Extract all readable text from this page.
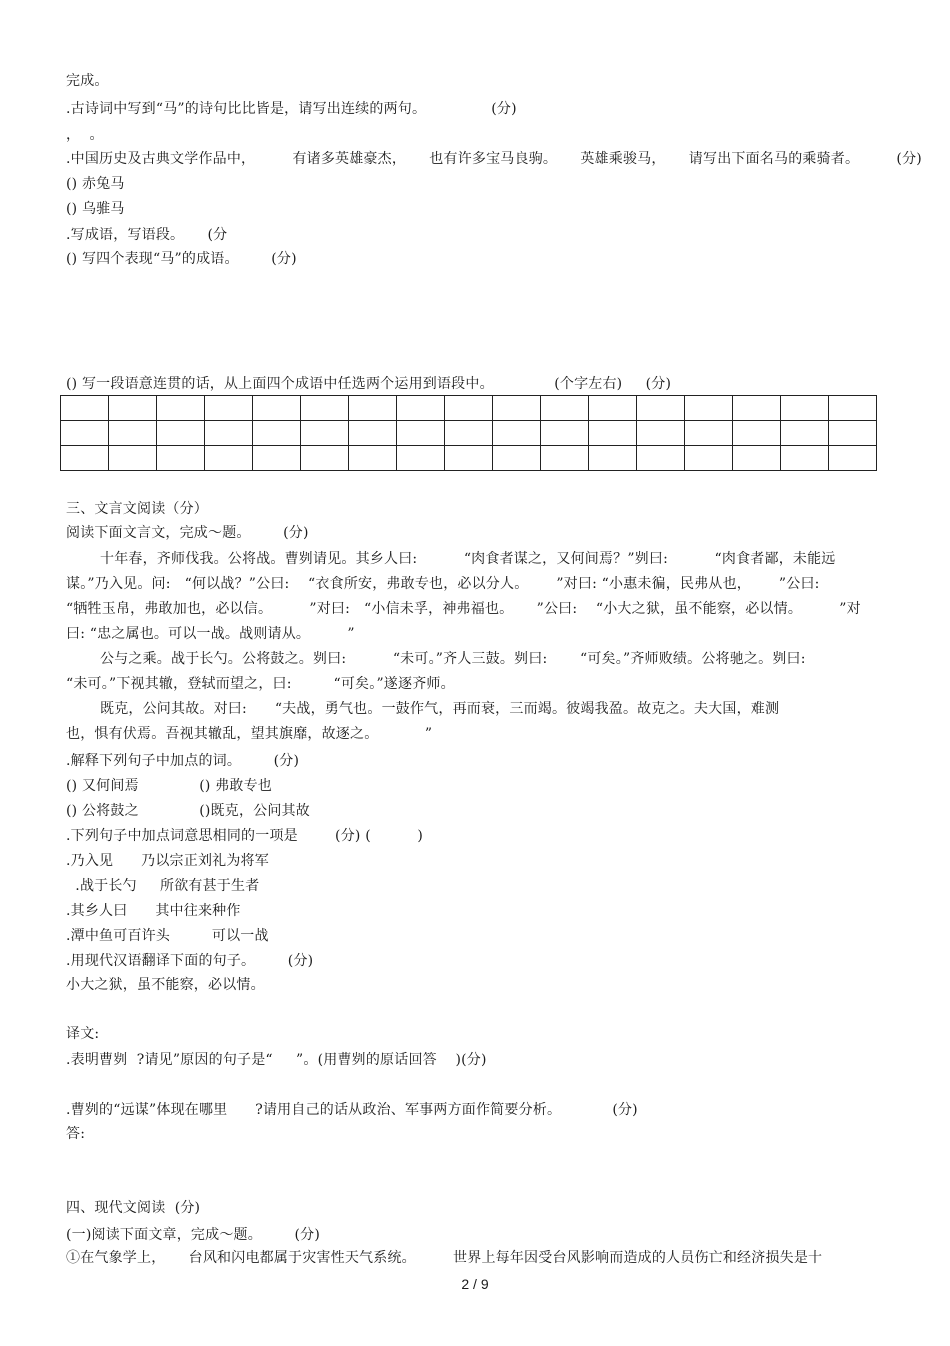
完成。
.古诗词中写到“马”的诗句比比皆是，请写出连续的两句。              (分)
，  。
.中国历史及古典文学作品中，        有诸多英雄豪杰，     也有许多宝马良驹。     英雄乘骏马，     请写出下面名马的乘骑者。        (分)
() 赤兔马
() 乌骓马
.写成语，写语段。     (分
() 写四个表现“马”的成语。       (分)
() 写一段语意连贯的话，从上面四个成语中任选两个运用到语段中。             (个字左右)     (分)

三、文言文阅读（分）
阅读下面文言文，完成～题。       (分)
十年春，齐师伐我。公将战。曹刿请见。其乡人曰:          “肉食者谋之，又何间焉？”刿曰:          “肉食者鄙，未能远
谋。”乃入见。问:   “何以战？”公曰:    “衣食所安，弗敢专也，必以分人。      ”对曰: “小惠未徧，民弗从也，      ”公曰:
“牺牲玉帛，弗敢加也，必以信。        ”对曰:   “小信未孚，神弗福也。     ”公曰:    “小大之狱，虽不能察，必以情。        ”对
曰: “忠之属也。可以一战。战则请从。        ”
公与之乘。战于长勺。公将鼓之。刿曰:          “未可。”齐人三鼓。刿曰:       “可矣。”齐师败绩。公将驰之。刿曰:
“未可。”下视其辙，登轼而望之，曰:         “可矣。”遂逐齐师。
既克，公问其故。对曰:      “夫战，勇气也。一鼓作气，再而衰，三而竭。彼竭我盈。故克之。夫大国，难测
也，惧有伏焉。吾视其辙乱，望其旗靡，故逐之。          ”
.解释下列句子中加点的词。       (分)
() 又何间焉             () 弗敢专也
() 公将鼓之             ()既克，公问其故
.下列句子中加点词意思相同的一项是        (分) (          )
.乃入见      乃以宗正刘礼为将军
.战于长勺     所欲有甚于生者
.其乡人曰      其中往来种作
.潭中鱼可百许头         可以一战
.用现代汉语翻译下面的句子。       (分)
小大之狱，虽不能察，必以情。
译文:
.表明曹刿  ?请见”原因的句子是“     ”。(用曹刿的原话回答    )(分)
.曹刿的“远谋”体现在哪里      ?请用自己的话从政治、军事两方面作简要分析。           (分)
答:
四、现代文阅读  (分)
(一)阅读下面文章，完成～题。       (分)
①在气象学上，     台风和闪电都属于灾害性天气系统。        世界上每年因受台风影响而造成的人员伤亡和经济损失是十
2 / 9
